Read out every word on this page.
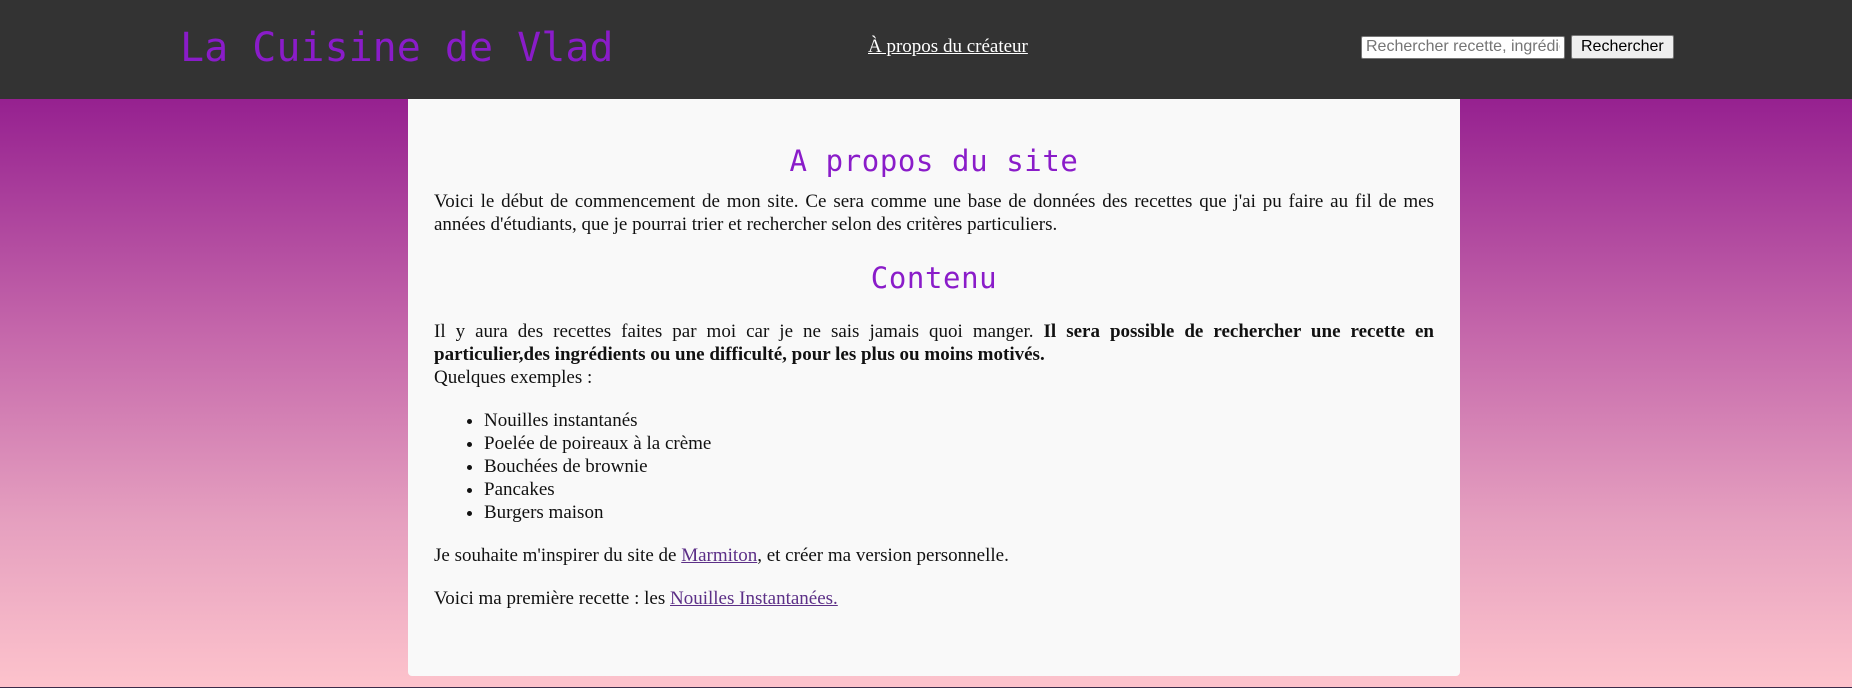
La Cuisine de Vlad	À propos du créateur
Rechercher recette, ingrédient	Rechercher
A propos du site

Voici le début de commencement de mon site. Ce sera comme une base de données des recettes que j'ai pu faire au fil de mes années d'étudiants, que je pourrai trier et rechercher selon des critères particuliers.

Contenu

Il y aura des recettes faites par moi car je ne sais jamais quoi manger. Il sera possible de rechercher une recette en particulier,des ingrédients ou une difficulté, pour les plus ou moins motivés.
Quelques exemples :

• Nouilles instantanés
• Poelée de poireaux à la crème
• Bouchées de brownie
• Pancakes
• Burgers maison

Je souhaite m'inspirer du site de Marmiton, et créer ma version personnelle.

Voici ma première recette : les Nouilles Instantanées.
